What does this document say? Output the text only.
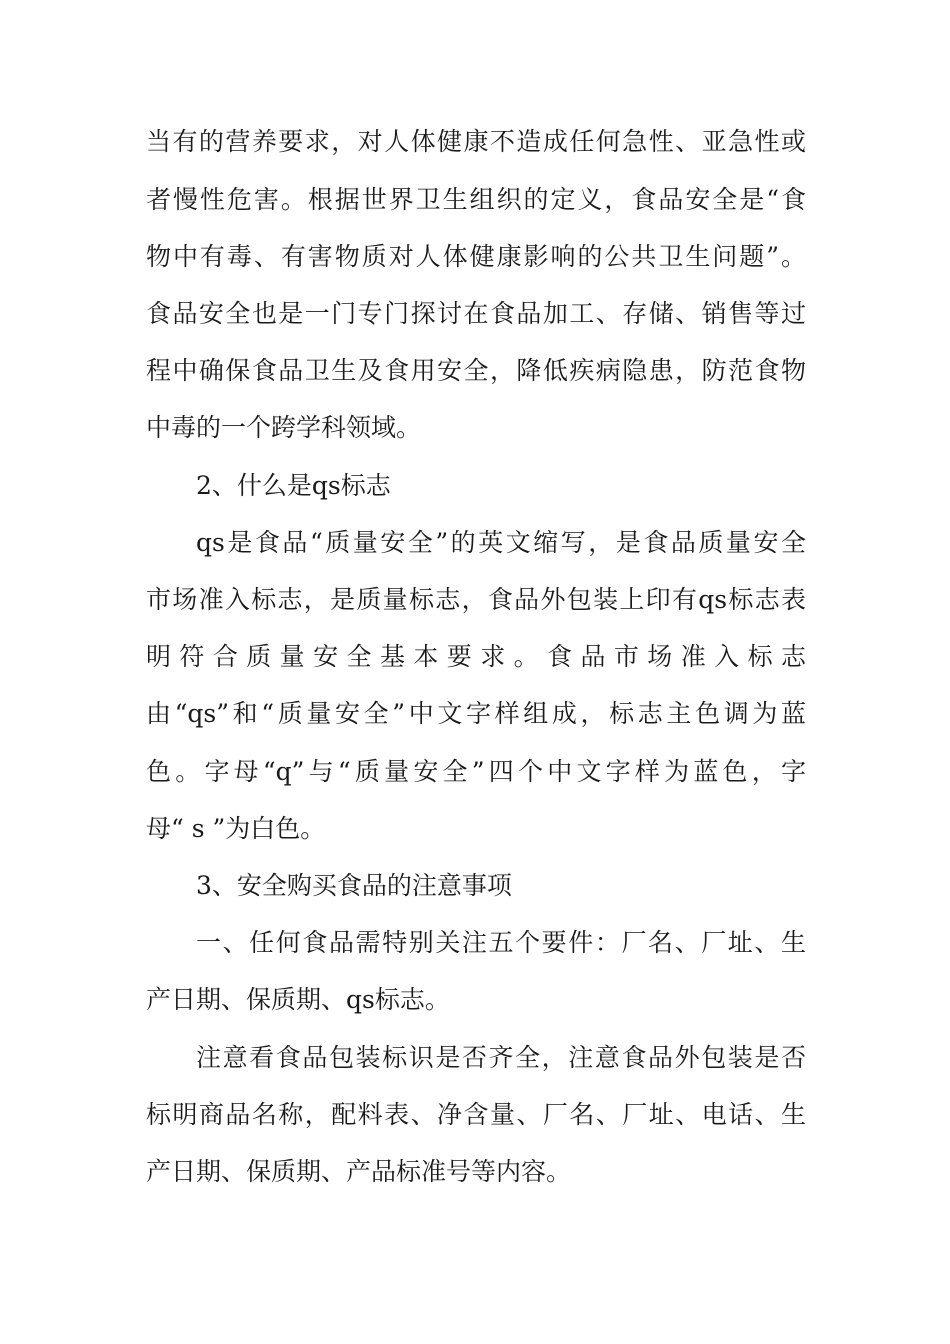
当有的营养要求，对人体健康不造成任何急性、亚急性或
者慢性危害。根据世界卫生组织的定义，食品安全是“食
物中有毒、有害物质对人体健康影响的公共卫生问题”。
食品安全也是一门专门探讨在食品加工、存储、销售等过
程中确保食品卫生及食用安全，降低疾病隐患，防范食物
中毒的一个跨学科领域。
2、什么是qs标志
qs是食品“质量安全”的英文缩写，是食品质量安全
市场准入标志，是质量标志，食品外包装上印有qs标志表
明符合质量安全基本要求。食品市场准入标志
由“qs”和“质量安全”中文字样组成，标志主色调为蓝
色。字母“q”与“质量安全”四个中文字样为蓝色，字
母“ s ”为白色。
3、安全购买食品的注意事项
一、任何食品需特别关注五个要件：厂名、厂址、生
产日期、保质期、qs标志。
注意看食品包装标识是否齐全，注意食品外包装是否
标明商品名称，配料表、净含量、厂名、厂址、电话、生
产日期、保质期、产品标准号等内容。
